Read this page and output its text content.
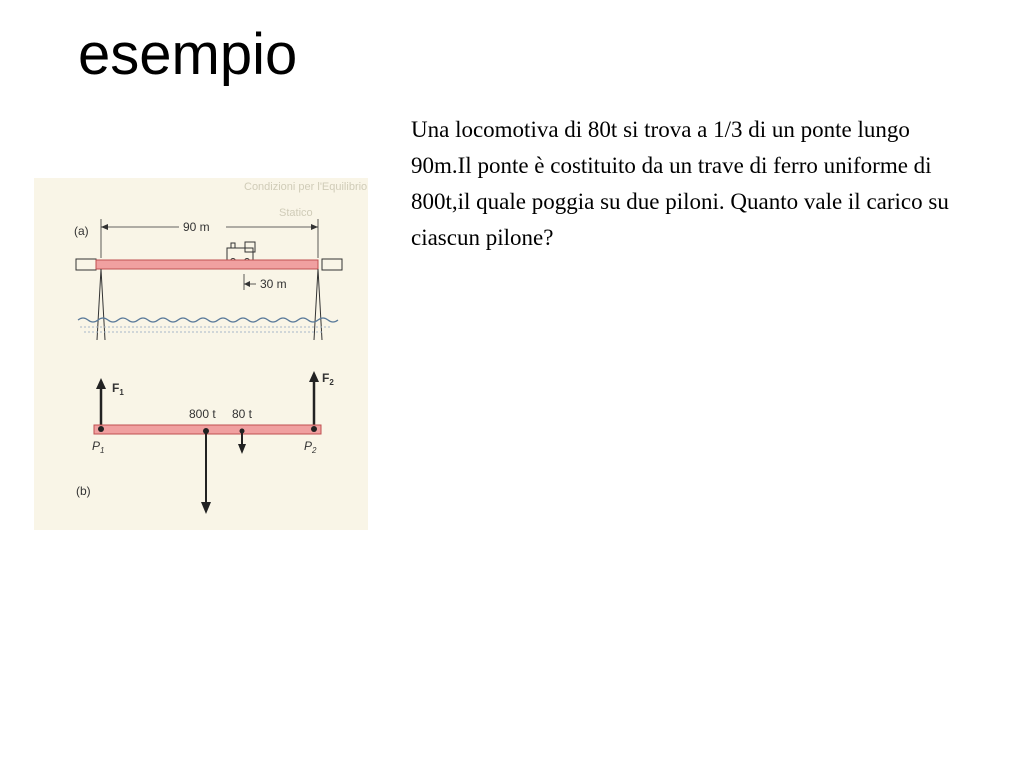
esempio

Una locomotiva di 80t si trova a 1/3 di un ponte lungo 90m.Il ponte è costituito da un trave di ferro uniforme di 800t,il quale poggia su due piloni. Quanto vale il carico su ciascun pilone?

Condizioni per l'Equilibrio
Statico
(a)	90 m
30 m
$F_1$
$F_2$
800 t 80 t
$P_1$	$P_2$
(b)
